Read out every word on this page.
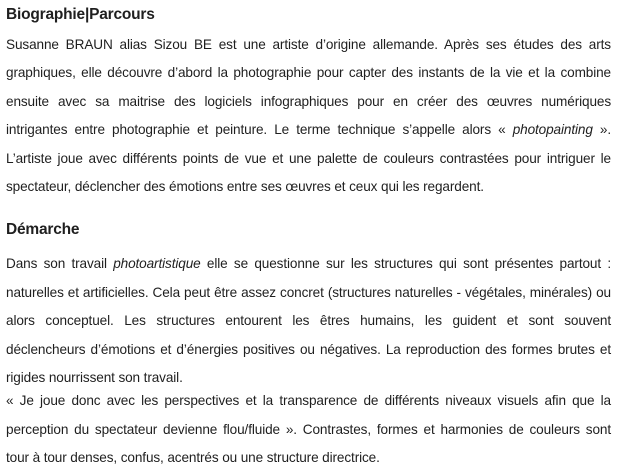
Biographie|Parcours

Susanne BRAUN alias Sizou BE est une artiste d’origine allemande. Après ses études des arts graphiques, elle découvre d’abord la photographie pour capter des instants de la vie et la combine ensuite avec sa maitrise des logiciels infographiques pour en créer des œuvres numériques intrigantes entre photographie et peinture. Le terme technique s’appelle alors « photopainting ». L’artiste joue avec différents points de vue et une palette de couleurs contrastées pour intriguer le spectateur, déclencher des émotions entre ses œuvres et ceux qui les regardent.

Démarche

Dans son travail photoartistique elle se questionne sur les structures qui sont présentes partout : naturelles et artificielles. Cela peut être assez concret (structures naturelles - végétales, minérales) ou alors conceptuel. Les structures entourent les êtres humains, les guident et sont souvent déclencheurs d’émotions et d’énergies positives ou négatives. La reproduction des formes brutes et rigides nourrissent son travail.

« Je joue donc avec les perspectives et la transparence de différents niveaux visuels afin que la perception du spectateur devienne flou/fluide ». Contrastes, formes et harmonies de couleurs sont tour à tour denses, confus, acentrés ou une structure directrice.
